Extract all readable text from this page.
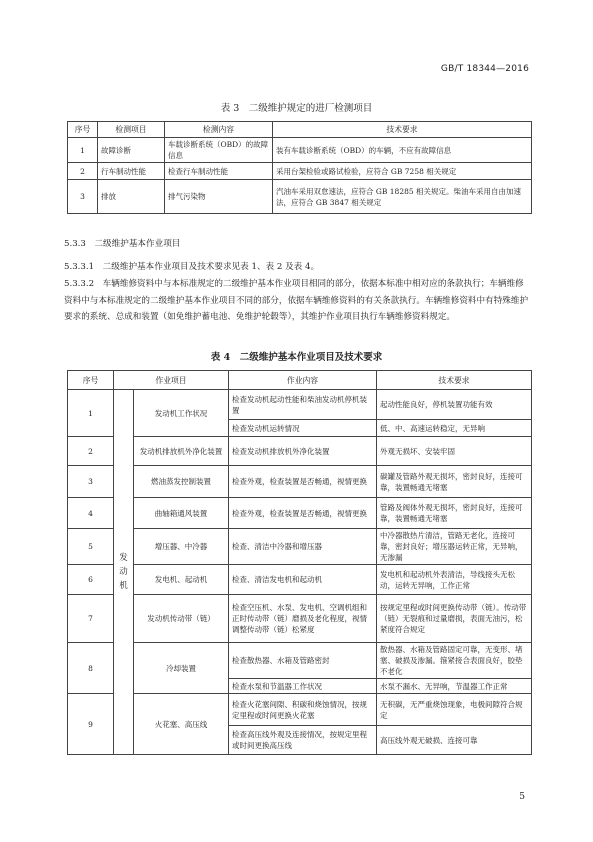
GB/T 18344—2016
表 3　二级维护规定的进厂检测项目
序号	检测项目	检测内容	技术要求
1	故障诊断	车载诊断系统（OBD）的故障信息	装有车载诊断系统（OBD）的车辆，不应有故障信息
2	行车制动性能	检查行车制动性能	采用台架检验或路试检验，应符合 GB 7258 相关规定
3	排放	排气污染物	汽油车采用双怠速法，应符合 GB 18285 相关规定。柴油车采用自由加速法，应符合 GB 3847 相关规定
5.3.3　二级维护基本作业项目
5.3.3.1　二级维护基本作业项目及技术要求见表 1、表 2 及表 4。
5.3.3.2　车辆维修资料中与本标准规定的二级维护基本作业项目相同的部分，依据本标准中相对应的条款执行；车辆维修资料中与本标准规定的二级维护基本作业项目不同的部分，依据车辆维修资料的有关条款执行。车辆维修资料中有特殊维护要求的系统、总成和装置（如免维护蓄电池、免维护轮毂等），其维护作业项目执行车辆维修资料规定。
表 4　二级维护基本作业项目及技术要求
序号	作业项目		作业内容	技术要求
1	发动机	发动机工作状况	检查发动机起动性能和柴油发动机停机装置	起动性能良好，停机装置功能有效
			检查发动机运转情况	低、中、高速运转稳定，无异响
2		发动机排放机外净化装置	检查发动机排放机外净化装置	外观无损坏、安装牢固
3		燃油蒸发控制装置	检查外观，检查装置是否畅通，视情更换	碳罐及管路外观无损坏，密封良好，连接可靠，装置畅通无堵塞
4		曲轴箱通风装置	检查外观，检查装置是否畅通，视情更换	管路及阀体外观无损坏，密封良好，连接可靠，装置畅通无堵塞
5		增压器、中冷器	检查、清洁中冷器和增压器	中冷器散热片清洁，管路无老化，连接可靠，密封良好；增压器运转正常，无异响，无渗漏
6		发电机、起动机	检查、清洁发电机和起动机	发电机和起动机外表清洁，导线接头无松动，运转无异响，工作正常
7		发动机传动带（链）	检查空压机、水泵、发电机、空调机组和正时传动带（链）磨损及老化程度，视情调整传动带（链）松紧度	按规定里程或时间更换传动带（链）。传动带（链）无裂痕和过量磨损，表面无油污，松紧度符合规定
8		冷却装置	检查散热器、水箱及管路密封	散热器、水箱及管路固定可靠，无变形、堵塞、破损及渗漏。箍紧接合表面良好，胶垫不老化
			检查水泵和节温器工作状况	水泵不漏水、无异响，节温器工作正常
9		火花塞、高压线	检查火花塞间隙、积碳和烧蚀情况，按规定里程或时间更换火花塞	无积碳，无严重烧蚀现象，电极间隙符合规定
			检查高压线外观及连接情况，按规定里程或时间更换高压线	高压线外观无破损、连接可靠
5
